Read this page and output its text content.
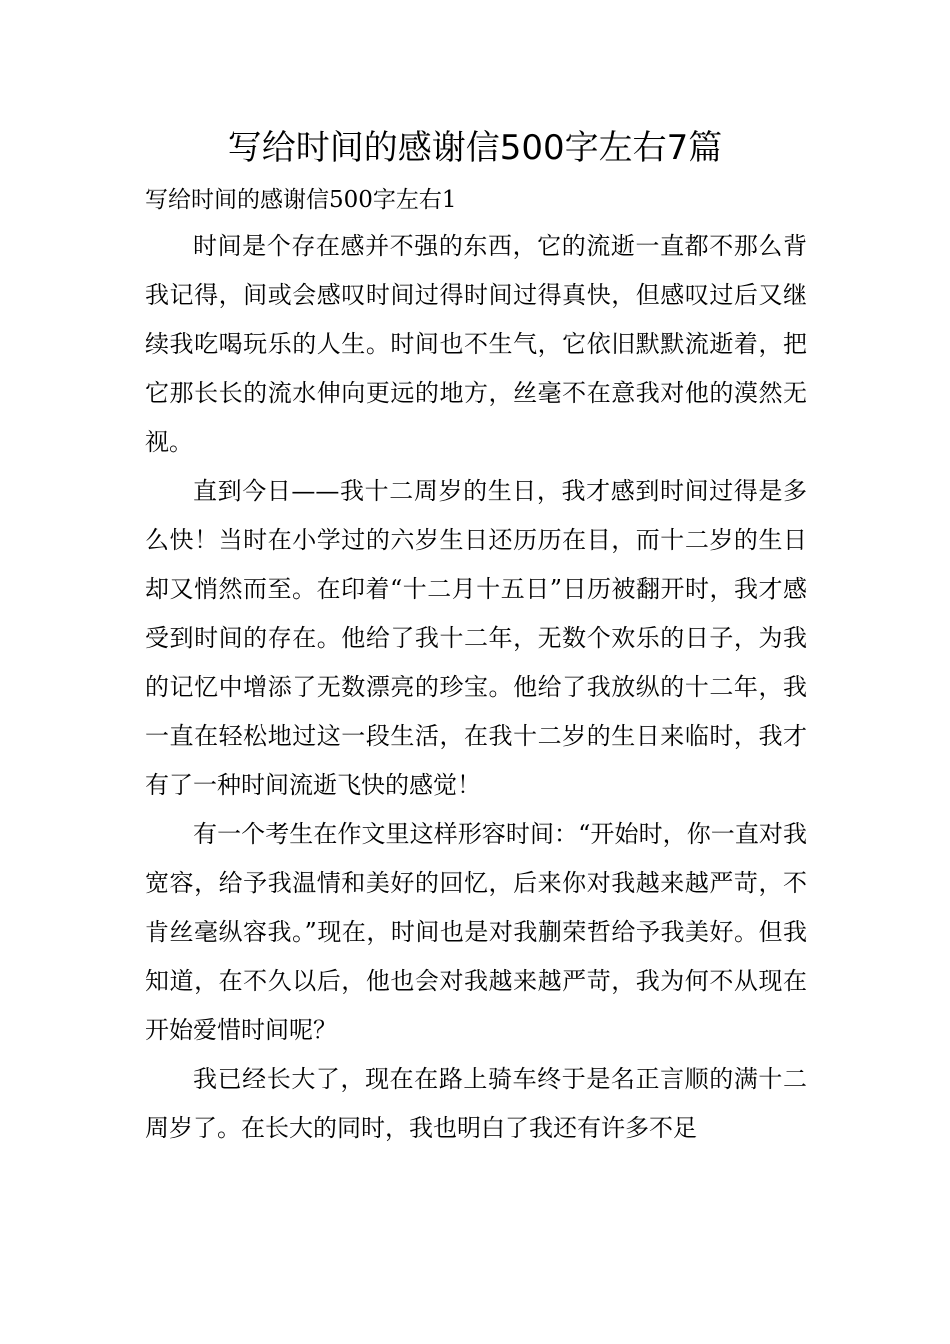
写给时间的感谢信500字左右7篇

写给时间的感谢信500字左右1

时间是个存在感并不强的东西，它的流逝一直都不那么背我记得，间或会感叹时间过得时间过得真快，但感叹过后又继续我吃喝玩乐的人生。时间也不生气，它依旧默默流逝着，把它那长长的流水伸向更远的地方，丝毫不在意我对他的漠然无视。

直到今日——我十二周岁的生日，我才感到时间过得是多么快！当时在小学过的六岁生日还历历在目，而十二岁的生日却又悄然而至。在印着“十二月十五日”日历被翻开时，我才感受到时间的存在。他给了我十二年，无数个欢乐的日子，为我的记忆中增添了无数漂亮的珍宝。他给了我放纵的十二年，我一直在轻松地过这一段生活，在我十二岁的生日来临时，我才有了一种时间流逝飞快的感觉！

有一个考生在作文里这样形容时间：“开始时，你一直对我宽容，给予我温情和美好的回忆，后来你对我越来越严苛，不肯丝毫纵容我。”现在，时间也是对我蒯荣哲给予我美好。但我知道，在不久以后，他也会对我越来越严苛，我为何不从现在开始爱惜时间呢？

我已经长大了，现在在路上骑车终于是名正言顺的满十二周岁了。在长大的同时，我也明白了我还有许多不足
